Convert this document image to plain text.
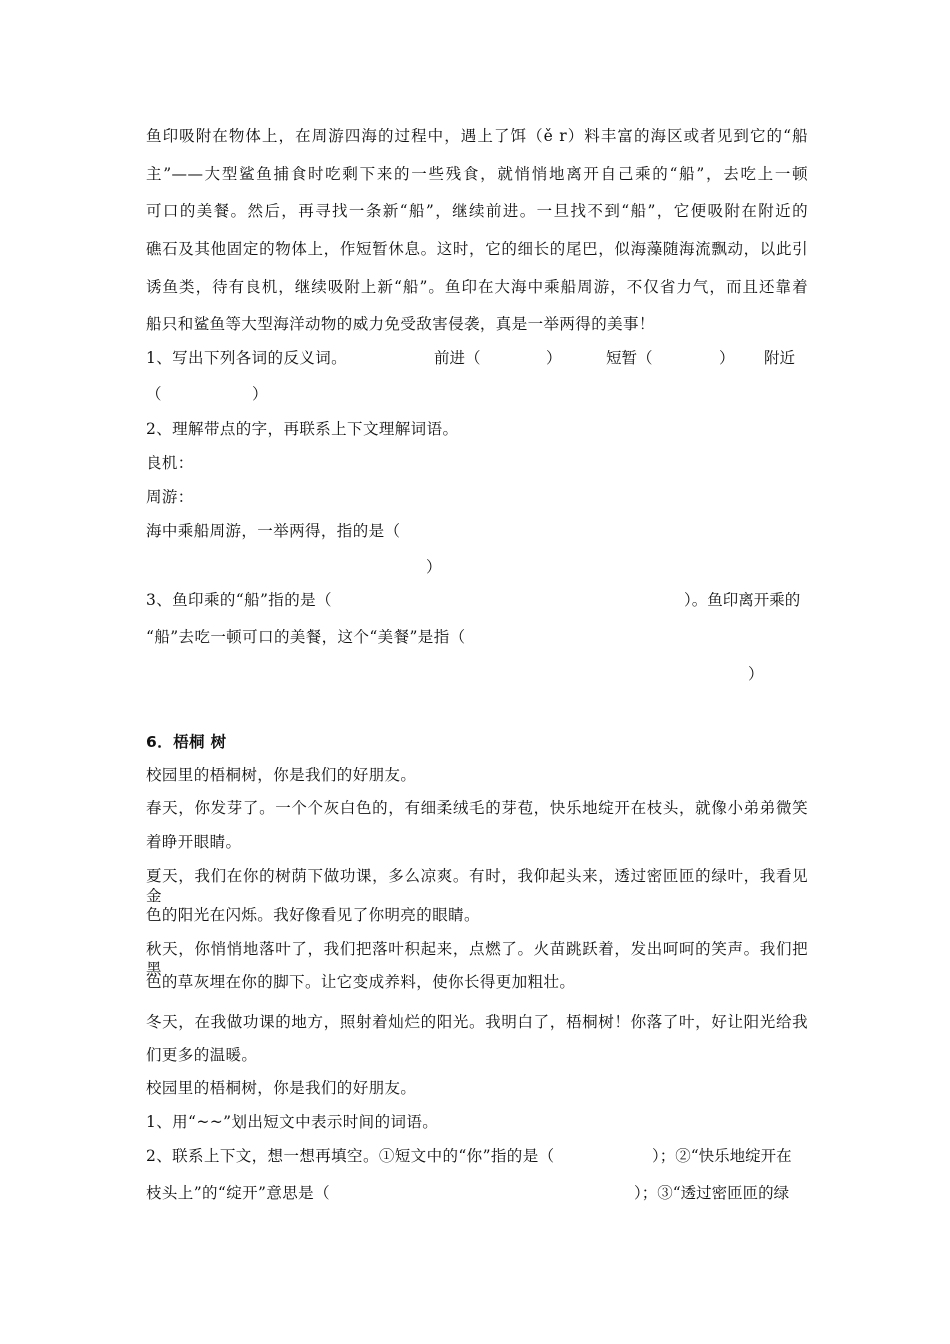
鱼印吸附在物体上，在周游四海的过程中，遇上了饵（ě r）料丰富的海区或者见到它的“船
主”——大型鲨鱼捕食时吃剩下来的一些残食，就悄悄地离开自己乘的“船”，去吃上一顿
可口的美餐。然后，再寻找一条新“船”，继续前进。一旦找不到“船”，它便吸附在附近的
礁石及其他固定的物体上，作短暂休息。这时，它的细长的尾巴，似海藻随海流飘动，以此引
诱鱼类，待有良机，继续吸附上新“船”。鱼印在大海中乘船周游，不仅省力气，而且还靠着
船只和鲨鱼等大型海洋动物的威力免受敌害侵袭，真是一举两得的美事！
1、写出下列各词的反义词。	前进（	）	短暂（	） 附近
（	）
2、理解带点的字，再联系上下文理解词语。
良机：
周游：
海中乘船周游，一举两得，指的是（
）
3、鱼印乘的“船”指的是（	）。鱼印离开乘的
“船”去吃一顿可口的美餐，这个“美餐”是指（
）
6．梧桐 树
校园里的梧桐树，你是我们的好朋友。
春天，你发芽了。一个个灰白色的，有细柔绒毛的芽苞，快乐地绽开在枝头，就像小弟弟微笑
着睁开眼睛。
夏天，我们在你的树荫下做功课，多么凉爽。有时，我仰起头来，透过密匝匝的绿叶，我看见金
色的阳光在闪烁。我好像看见了你明亮的眼睛。
秋天，你悄悄地落叶了，我们把落叶积起来，点燃了。火苗跳跃着，发出呵呵的笑声。我们把黑
色的草灰埋在你的脚下。让它变成养料，使你长得更加粗壮。
冬天，在我做功课的地方，照射着灿烂的阳光。我明白了，梧桐树！你落了叶，好让阳光给我
们更多的温暖。
校园里的梧桐树，你是我们的好朋友。
1、用“~~”划出短文中表示时间的词语。
2、联系上下文，想一想再填空。①短文中的“你”指的是（	）；②“快乐地绽开在
枝头上”的“绽开”意思是（	）；③“透过密匝匝的绿
